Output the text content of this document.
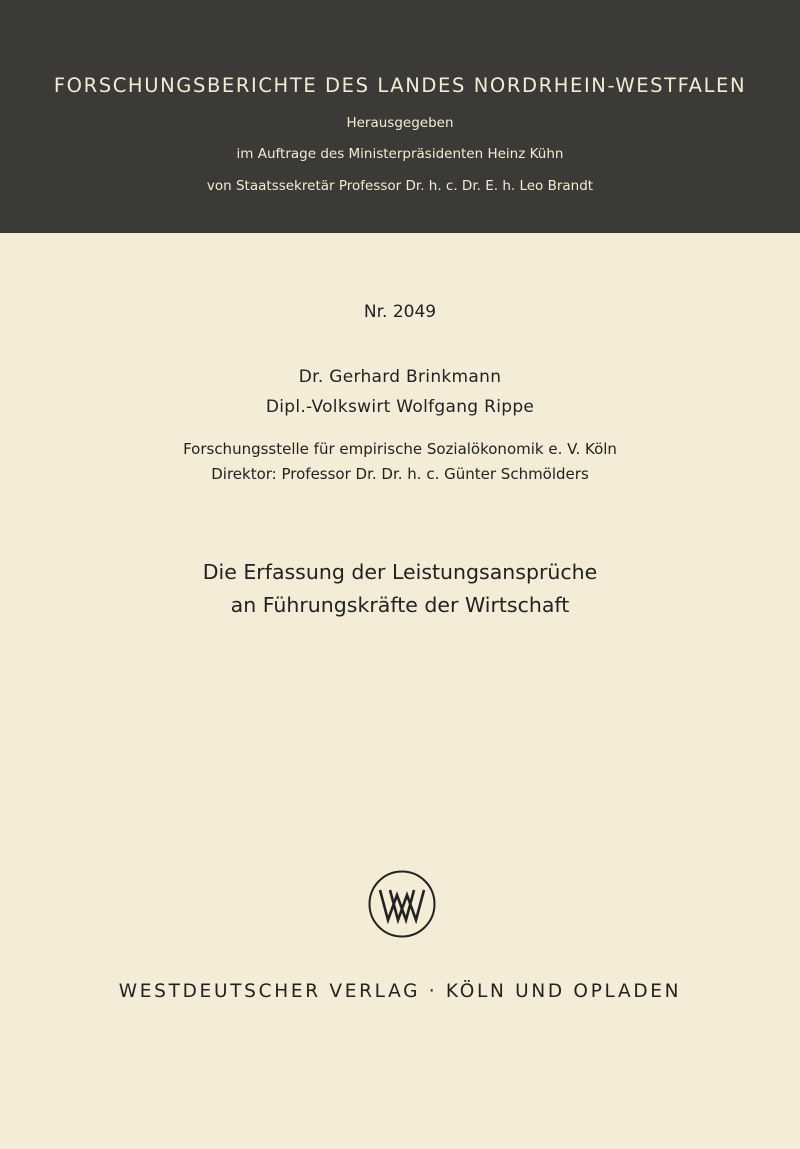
FORSCHUNGSBERICHTE DES LANDES NORDRHEIN-WESTFALEN
Herausgegeben
im Auftrage des Ministerpräsidenten Heinz Kühn
von Staatssekretär Professor Dr. h. c. Dr. E. h. Leo Brandt
Nr. 2049
Dr. Gerhard Brinkmann
Dipl.-Volkswirt Wolfgang Rippe
Forschungsstelle für empirische Sozialökonomik e. V. Köln
Direktor: Professor Dr. Dr. h. c. Günter Schmölders
Die Erfassung der Leistungsansprüche
an Führungskräfte der Wirtschaft
WESTDEUTSCHER VERLAG · KÖLN UND OPLADEN
